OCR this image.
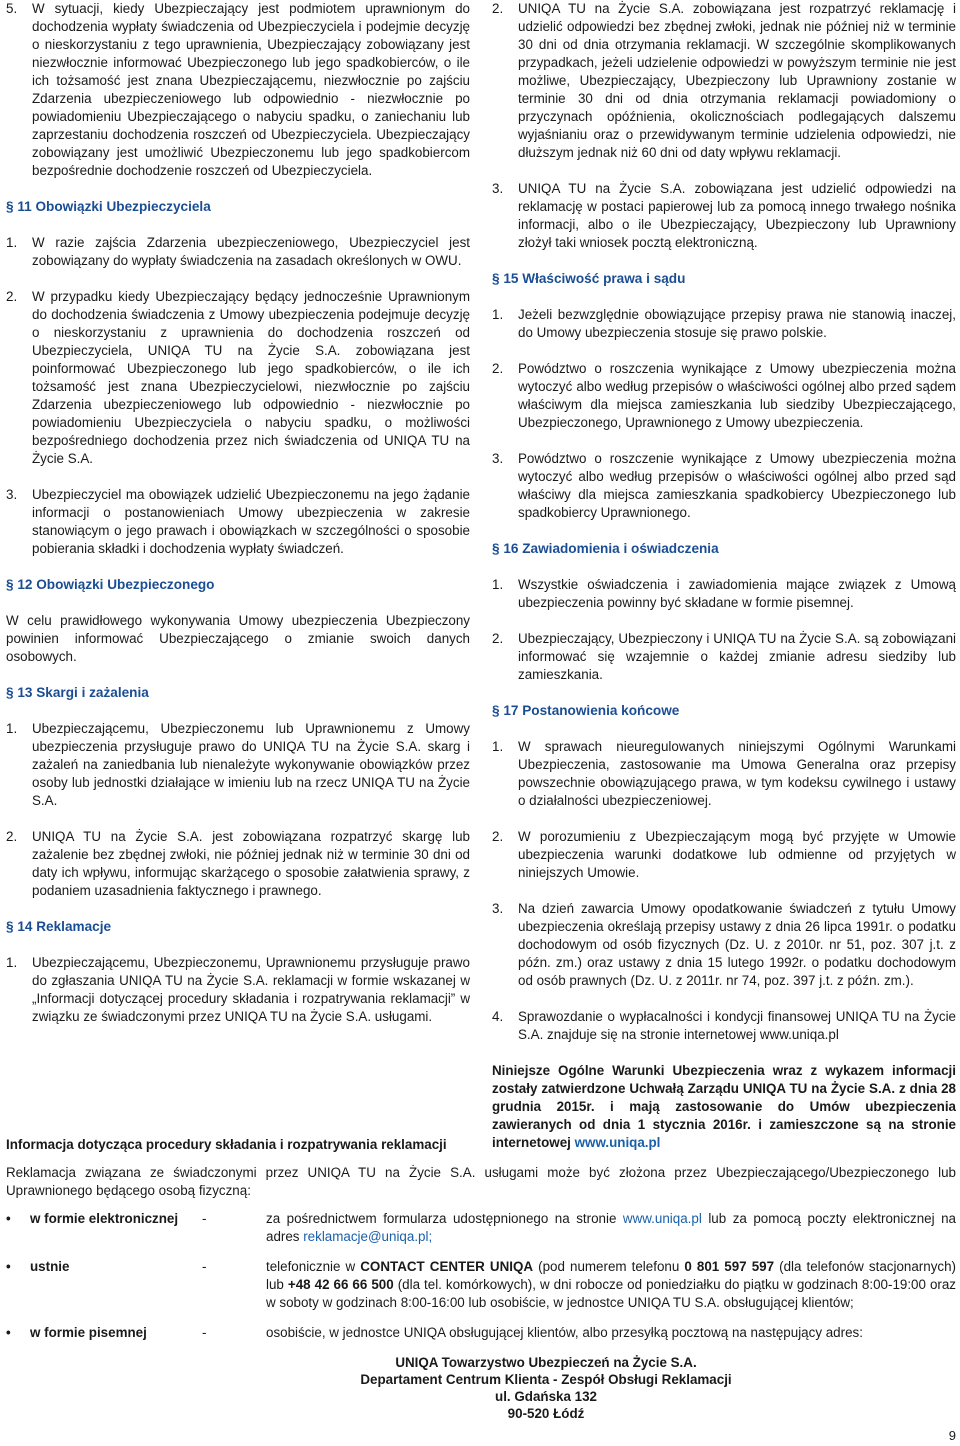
5.	W sytuacji, kiedy Ubezpieczający jest podmiotem uprawnionym do dochodzenia wypłaty świadczenia od Ubezpieczyciela i podejmie decyzję o nieskorzystaniu z tego uprawnienia, Ubezpieczający zobowiązany jest niezwłocznie informować Ubezpieczonego lub jego spadkobierców, o ile ich tożsamość jest znana Ubezpieczającemu, niezwłocznie po zajściu Zdarzenia ubezpieczeniowego lub odpowiednio - niezwłocznie po powiadomieniu Ubezpieczającego o nabyciu spadku, o zaniechaniu lub zaprzestaniu dochodzenia roszczeń od Ubezpieczyciela. Ubezpieczający zobowiązany jest umożliwić Ubezpieczonemu lub jego spadkobiercom bezpośrednie dochodzenie roszczeń od Ubezpieczyciela.
§ 11 Obowiązki Ubezpieczyciela
1.	W razie zajścia Zdarzenia ubezpieczeniowego, Ubezpieczyciel jest zobowiązany do wypłaty świadczenia na zasadach określonych w OWU.
2.	W przypadku kiedy Ubezpieczający będący jednocześnie Uprawnionym do dochodzenia świadczenia z Umowy ubezpieczenia podejmuje decyzję o nieskorzystaniu z uprawnienia do dochodzenia roszczeń od Ubezpieczyciela, UNIQA TU na Życie S.A. zobowiązana jest poinformować Ubezpieczonego lub jego spadkobierców, o ile ich tożsamość jest znana Ubezpieczycielowi, niezwłocznie po zajściu Zdarzenia ubezpieczeniowego lub odpowiednio - niezwłocznie po powiadomieniu Ubezpieczyciela o nabyciu spadku, o możliwości bezpośredniego dochodzenia przez nich świadczenia od UNIQA TU na Życie S.A.
3.	Ubezpieczyciel ma obowiązek udzielić Ubezpieczonemu na jego żądanie informacji o postanowieniach Umowy ubezpieczenia w zakresie stanowiącym o jego prawach i obowiązkach w szczególności o sposobie pobierania składki i dochodzenia wypłaty świadczeń.
§ 12 Obowiązki Ubezpieczonego
W celu prawidłowego wykonywania Umowy ubezpieczenia Ubezpieczony powinien informować Ubezpieczającego o zmianie swoich danych osobowych.
§ 13 Skargi i zażalenia
1.	Ubezpieczającemu, Ubezpieczonemu lub Uprawnionemu z Umowy ubezpieczenia przysługuje prawo do UNIQA TU na Życie S.A. skarg i zażaleń na zaniedbania lub nienależyte wykonywanie obowiązków przez osoby lub jednostki działające w imieniu lub na rzecz UNIQA TU na Życie S.A.
2.	UNIQA TU na Życie S.A. jest zobowiązana rozpatrzyć skargę lub zażalenie bez zbędnej zwłoki, nie później jednak niż w terminie 30 dni od daty ich wpływu, informując skarżącego o sposobie załatwienia sprawy, z podaniem uzasadnienia faktycznego i prawnego.
§ 14 Reklamacje
1.	Ubezpieczającemu, Ubezpieczonemu, Uprawnionemu przysługuje prawo do zgłaszania UNIQA TU na Życie S.A. reklamacji w formie wskazanej w „Informacji dotyczącej procedury składania i rozpatrywania reklamacji” w związku ze świadczonymi przez UNIQA TU na Życie S.A. usługami.
2.	UNIQA TU na Życie S.A. zobowiązana jest rozpatrzyć reklamację i udzielić odpowiedzi bez zbędnej zwłoki, jednak nie później niż w terminie 30 dni od dnia otrzymania reklamacji. W szczególnie skomplikowanych przypadkach, jeżeli udzielenie odpowiedzi w powyższym terminie nie jest możliwe, Ubezpieczający, Ubezpieczony lub Uprawniony zostanie w terminie 30 dni od dnia otrzymania reklamacji powiadomiony o przyczynach opóźnienia, okolicznościach podlegających dalszemu wyjaśnianiu oraz o przewidywanym terminie udzielenia odpowiedzi, nie dłuższym jednak niż 60 dni od daty wpływu reklamacji.
3.	UNIQA TU na Życie S.A. zobowiązana jest udzielić odpowiedzi na reklamację w postaci papierowej lub za pomocą innego trwałego nośnika informacji, albo o ile Ubezpieczający, Ubezpieczony lub Uprawniony złożył taki wniosek pocztą elektroniczną.
§ 15 Właściwość prawa i sądu
1.	Jeżeli bezwzględnie obowiązujące przepisy prawa nie stanowią inaczej, do Umowy ubezpieczenia stosuje się prawo polskie.
2.	Powództwo o roszczenia wynikające z Umowy ubezpieczenia można wytoczyć albo według przepisów o właściwości ogólnej albo przed sądem właściwym dla miejsca zamieszkania lub siedziby Ubezpieczającego, Ubezpieczonego, Uprawnionego z Umowy ubezpieczenia.
3.	Powództwo o roszczenie wynikające z Umowy ubezpieczenia można wytoczyć albo według przepisów o właściwości ogólnej albo przed sąd właściwy dla miejsca zamieszkania spadkobiercy Ubezpieczonego lub spadkobiercy Uprawnionego.
§ 16 Zawiadomienia i oświadczenia
1.	Wszystkie oświadczenia i zawiadomienia mające związek z Umową ubezpieczenia powinny być składane w formie pisemnej.
2.	Ubezpieczający, Ubezpieczony i UNIQA TU na Życie S.A. są zobowiązani informować się wzajemnie o każdej zmianie adresu siedziby lub zamieszkania.
§ 17 Postanowienia końcowe
1.	W sprawach nieuregulowanych niniejszymi Ogólnymi Warunkami Ubezpieczenia, zastosowanie ma Umowa Generalna oraz przepisy powszechnie obowiązującego prawa, w tym kodeksu cywilnego i ustawy o działalności ubezpieczeniowej.
2.	W porozumieniu z Ubezpieczającym mogą być przyjęte w Umowie ubezpieczenia warunki dodatkowe lub odmienne od przyjętych w niniejszych Umowie.
3.	Na dzień zawarcia Umowy opodatkowanie świadczeń z tytułu Umowy ubezpieczenia określają przepisy ustawy z dnia 26 lipca 1991r. o podatku dochodowym od osób fizycznych (Dz. U. z 2010r. nr 51, poz. 307 j.t. z późn. zm.) oraz ustawy z dnia 15 lutego 1992r. o podatku dochodowym od osób prawnych (Dz. U. z 2011r. nr 74, poz. 397 j.t. z późn. zm.).
4.	Sprawozdanie o wypłacalności i kondycji finansowej UNIQA TU na Życie S.A. znajduje się na stronie internetowej www.uniqa.pl
Niniejsze Ogólne Warunki Ubezpieczenia wraz z wykazem informacji zostały zatwierdzone Uchwałą Zarządu UNIQA TU na Życie S.A. z dnia 28 grudnia 2015r. i mają zastosowanie do Umów ubezpieczenia zawieranych od dnia 1 stycznia 2016r. i zamieszczone są na stronie internetowej www.uniqa.pl
Informacja dotycząca procedury składania i rozpatrywania reklamacji
Reklamacja związana ze świadczonymi przez UNIQA TU na Życie S.A. usługami może być złożona przez Ubezpieczającego/Ubezpieczonego lub Uprawnionego będącego osobą fizyczną:
•	w formie elektronicznej	-	za pośrednictwem formularza udostępnionego na stronie www.uniqa.pl lub za pomocą poczty elektronicznej na adres reklamacje@uniqa.pl;
•	ustnie	-	telefonicznie w CONTACT CENTER UNIQA (pod numerem telefonu 0 801 597 597 (dla telefonów stacjonarnych) lub +48 42 66 66 500 (dla tel. komórkowych), w dni robocze od poniedziałku do piątku w godzinach 8:00-19:00 oraz w soboty w godzinach 8:00-16:00 lub osobiście, w jednostce UNIQA TU S.A. obsługującej klientów;
•	w formie pisemnej	-	osobiście, w jednostce UNIQA obsługującej klientów, albo przesyłką pocztową na następujący adres:
UNIQA Towarzystwo Ubezpieczeń na Życie S.A.
Departament Centrum Klienta - Zespół Obsługi Reklamacji
ul. Gdańska 132
90-520 Łódź
9
